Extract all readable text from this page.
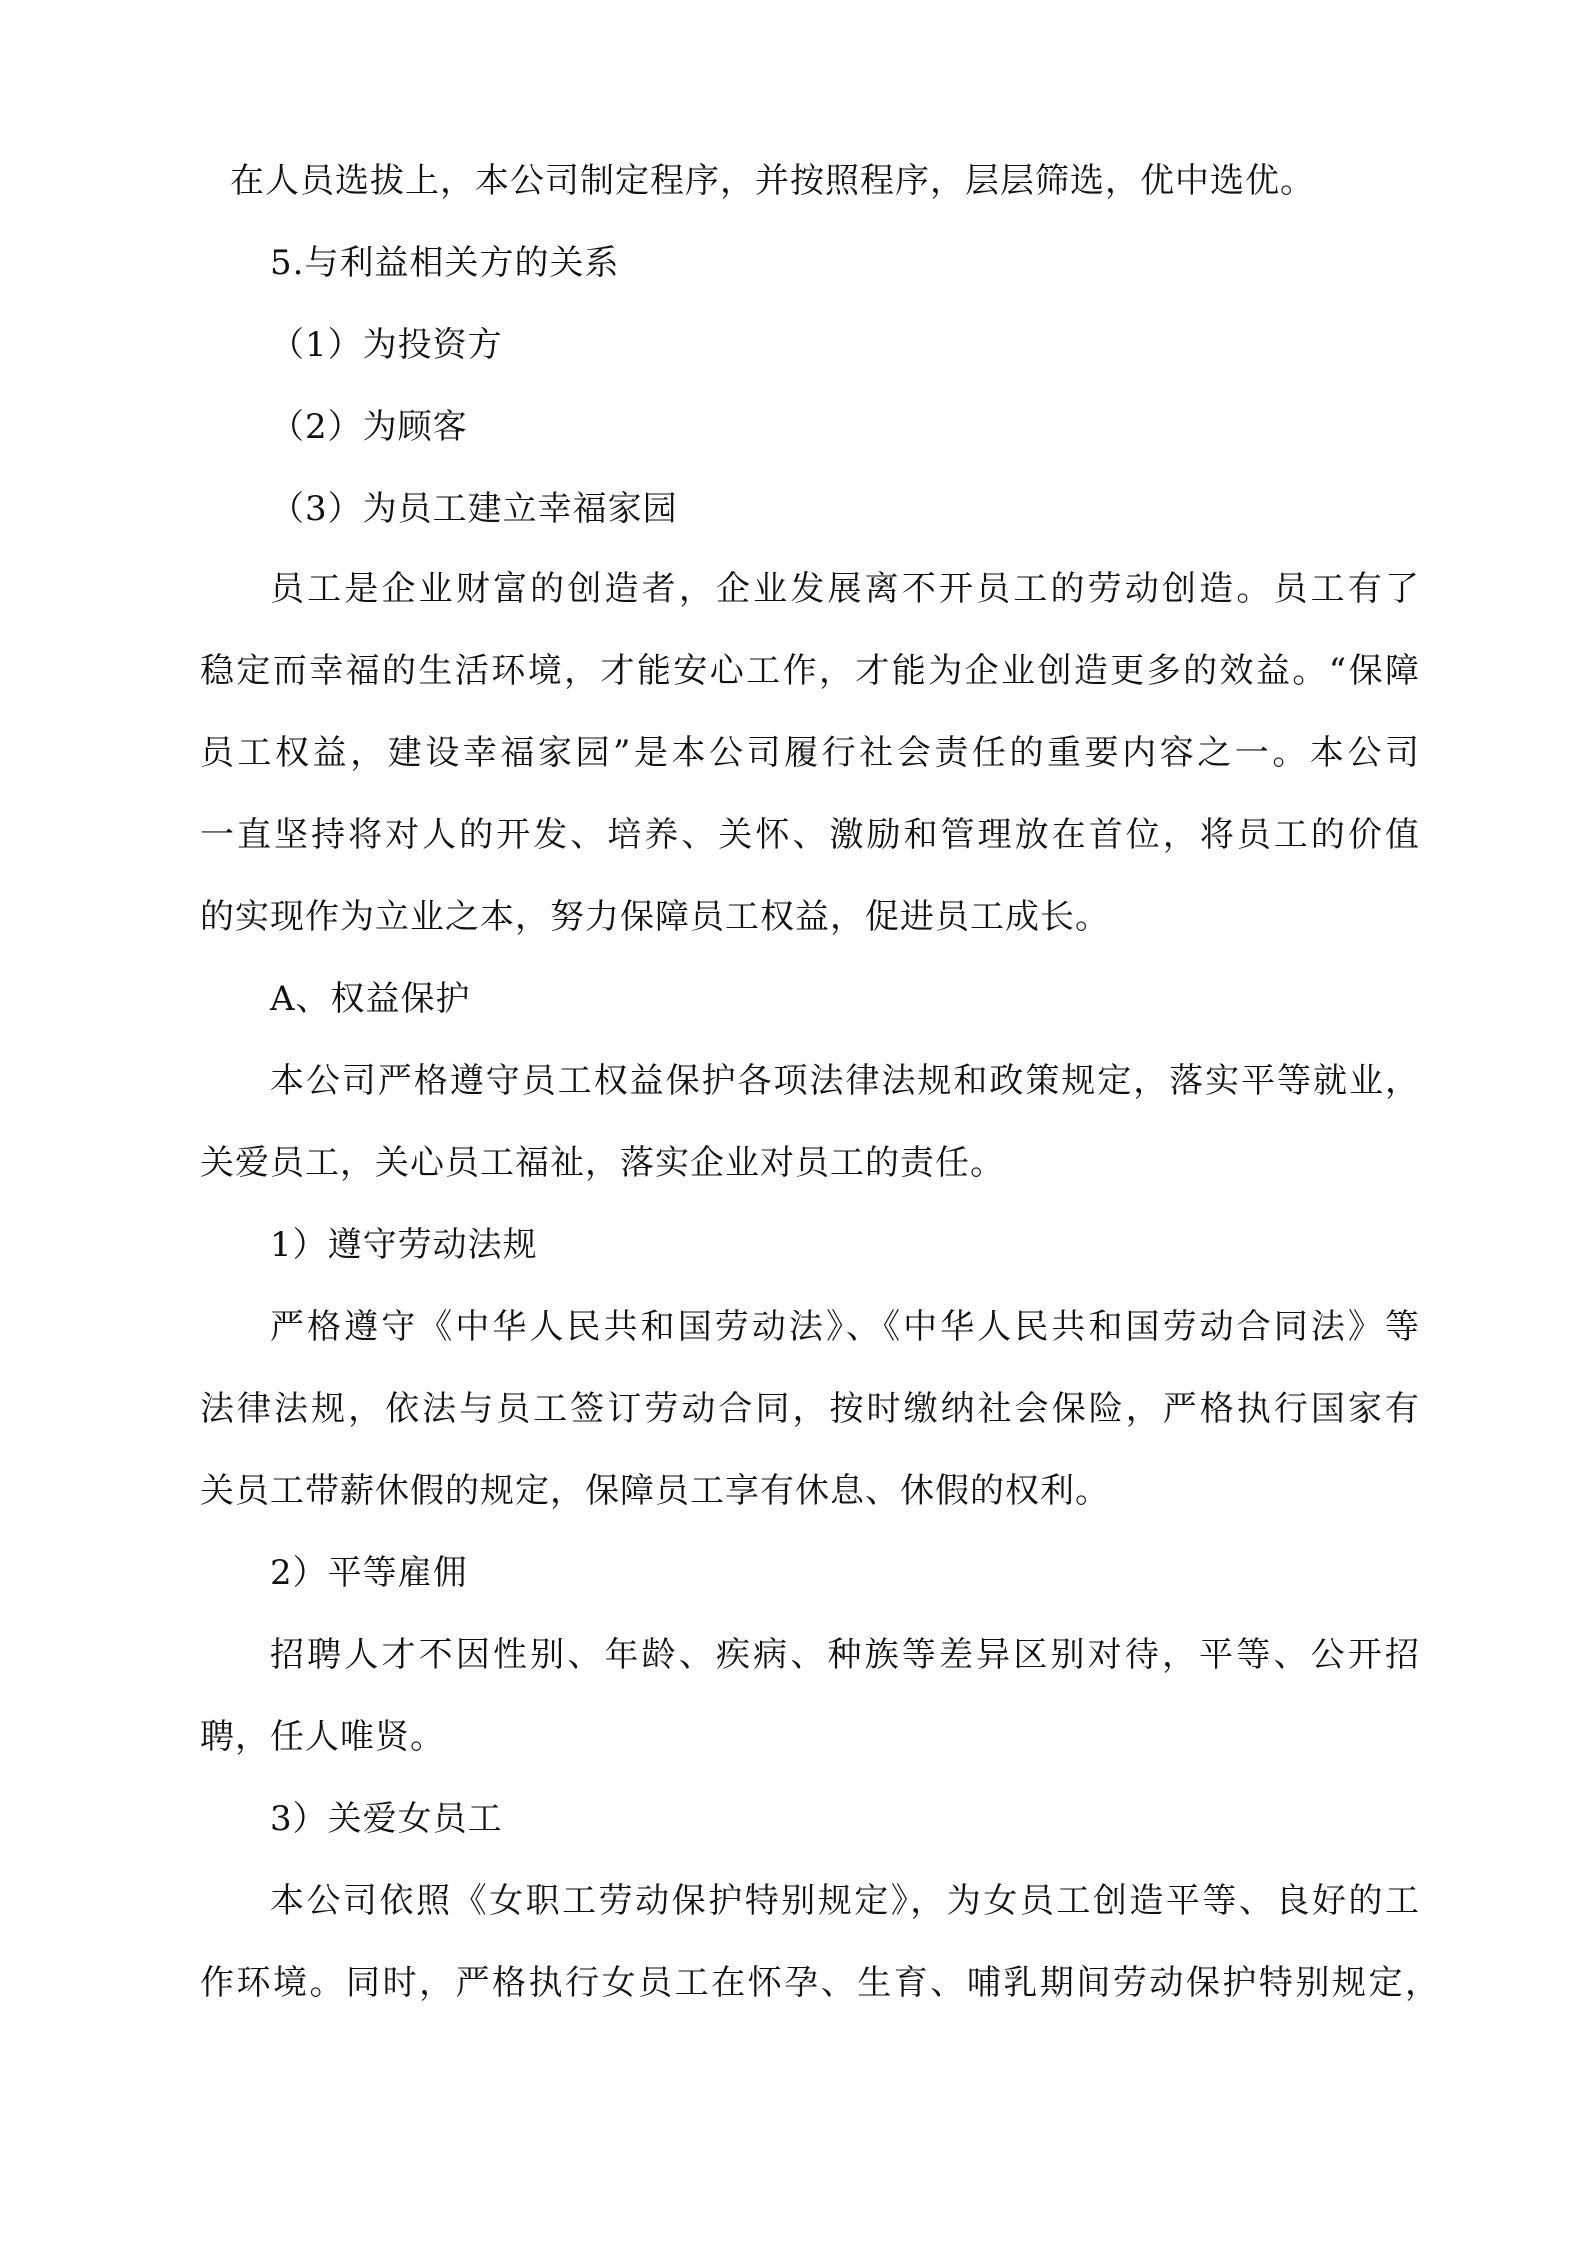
在人员选拔上，本公司制定程序，并按照程序，层层筛选，优中选优。
5.与利益相关方的关系
（1）为投资方
（2）为顾客
（3）为员工建立幸福家园
员工是企业财富的创造者，企业发展离不开员工的劳动创造。员工有了
稳定而幸福的生活环境，才能安心工作，才能为企业创造更多的效益。“保障
员工权益，建设幸福家园”是本公司履行社会责任的重要内容之一。本公司
一直坚持将对人的开发、培养、关怀、激励和管理放在首位，将员工的价值
的实现作为立业之本，努力保障员工权益，促进员工成长。
A、权益保护
本公司严格遵守员工权益保护各项法律法规和政策规定，落实平等就业，
关爱员工，关心员工福祉，落实企业对员工的责任。
1）遵守劳动法规
严格遵守《中华人民共和国劳动法》、《中华人民共和国劳动合同法》等
法律法规，依法与员工签订劳动合同，按时缴纳社会保险，严格执行国家有
关员工带薪休假的规定，保障员工享有休息、休假的权利。
2）平等雇佣
招聘人才不因性别、年龄、疾病、种族等差异区别对待，平等、公开招
聘，任人唯贤。
3）关爱女员工
本公司依照《女职工劳动保护特别规定》，为女员工创造平等、良好的工
作环境。同时，严格执行女员工在怀孕、生育、哺乳期间劳动保护特别规定，
